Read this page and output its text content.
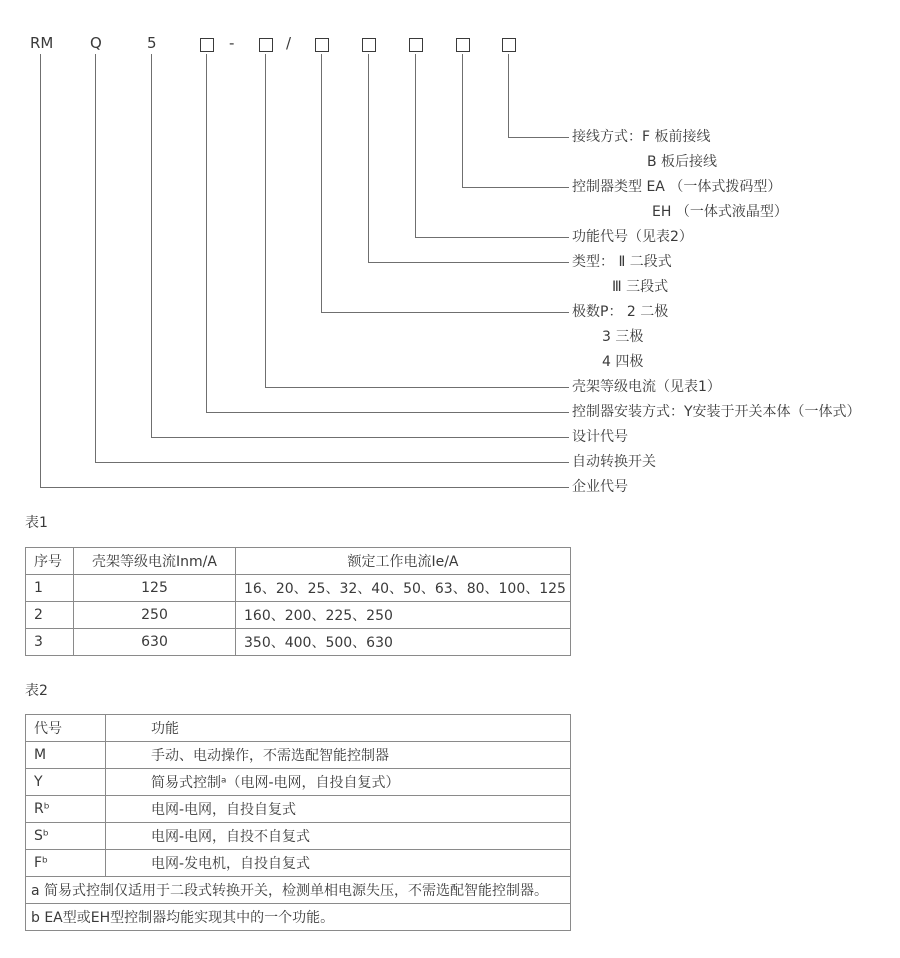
RM Q	5	-	/
接线方式：F 板前接线
B 板后接线
控制器类型 EA （一体式拨码型）
EH （一体式液晶型）
功能代号（见表2）
类型： Ⅱ 二段式
Ⅲ 三段式
极数P： 2 二极
3 三极
4 四极
壳架等级电流（见表1）
控制器安装方式：Y安装于开关本体（一体式）
设计代号
自动转换开关
企业代号
表1
序号	壳架等级电流Inm/A	额定工作电流Ie/A
1	125	16、20、25、32、40、50、63、80、100、125
2	250	160、200、225、250
3	630	350、400、500、630
表2
代号	功能
M	手动、电动操作，不需选配智能控制器
Y	简易式控制ᵃ（电网-电网，自投自复式）
Rᵇ	电网-电网，自投自复式
Sᵇ	电网-电网，自投不自复式
Fᵇ	电网-发电机，自投自复式
a 简易式控制仅适用于二段式转换开关，检测单相电源失压，不需选配智能控制器。	
b EA型或EH型控制器均能实现其中的一个功能。	
